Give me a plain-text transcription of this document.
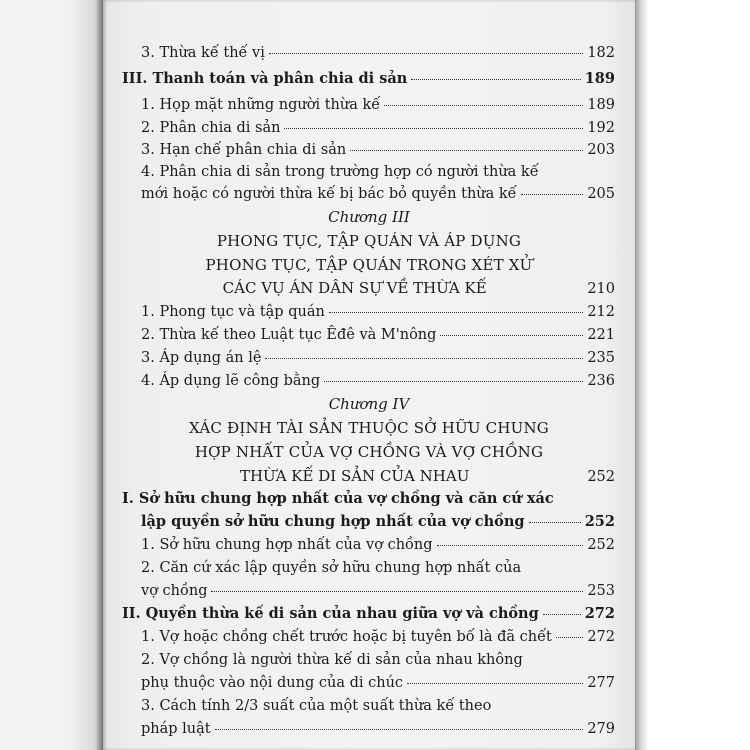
3. Thừa kế thế vị	182
III. Thanh toán và phân chia di sản	189
1. Họp mặt những người thừa kế	189
2. Phân chia di sản	192
3. Hạn chế phân chia di sản	203
4. Phân chia di sản trong trường hợp có người thừa kế
mới hoặc có người thừa kế bị bác bỏ quyền thừa kế	205
Chương III
PHONG TỤC, TẬP QUÁN VÀ ÁP DỤNG
PHONG TỤC, TẬP QUÁN TRONG XÉT XỬ
CÁC VỤ ÁN DÂN SỰ VỀ THỪA KẾ	210
1. Phong tục và tập quán	212
2. Thừa kế theo Luật tục Êđê và M'nông	221
3. Áp dụng án lệ	235
4. Áp dụng lẽ công bằng	236
Chương IV
XÁC ĐỊNH TÀI SẢN THUỘC SỞ HỮU CHUNG
HỢP NHẤT CỦA VỢ CHỒNG VÀ VỢ CHỒNG
THỪA KẾ DI SẢN CỦA NHAU	252
I. Sở hữu chung hợp nhất của vợ chồng và căn cứ xác
lập quyền sở hữu chung hợp nhất của vợ chồng	252
1. Sở hữu chung hợp nhất của vợ chồng	252
2. Căn cứ xác lập quyền sở hữu chung hợp nhất của
vợ chồng	253
II. Quyền thừa kế di sản của nhau giữa vợ và chồng	272
1. Vợ hoặc chồng chết trước hoặc bị tuyên bố là đã chết 272
2. Vợ chồng là người thừa kế di sản của nhau không
phụ thuộc vào nội dung của di chúc	277
3. Cách tính 2/3 suất của một suất thừa kế theo
pháp luật	279
